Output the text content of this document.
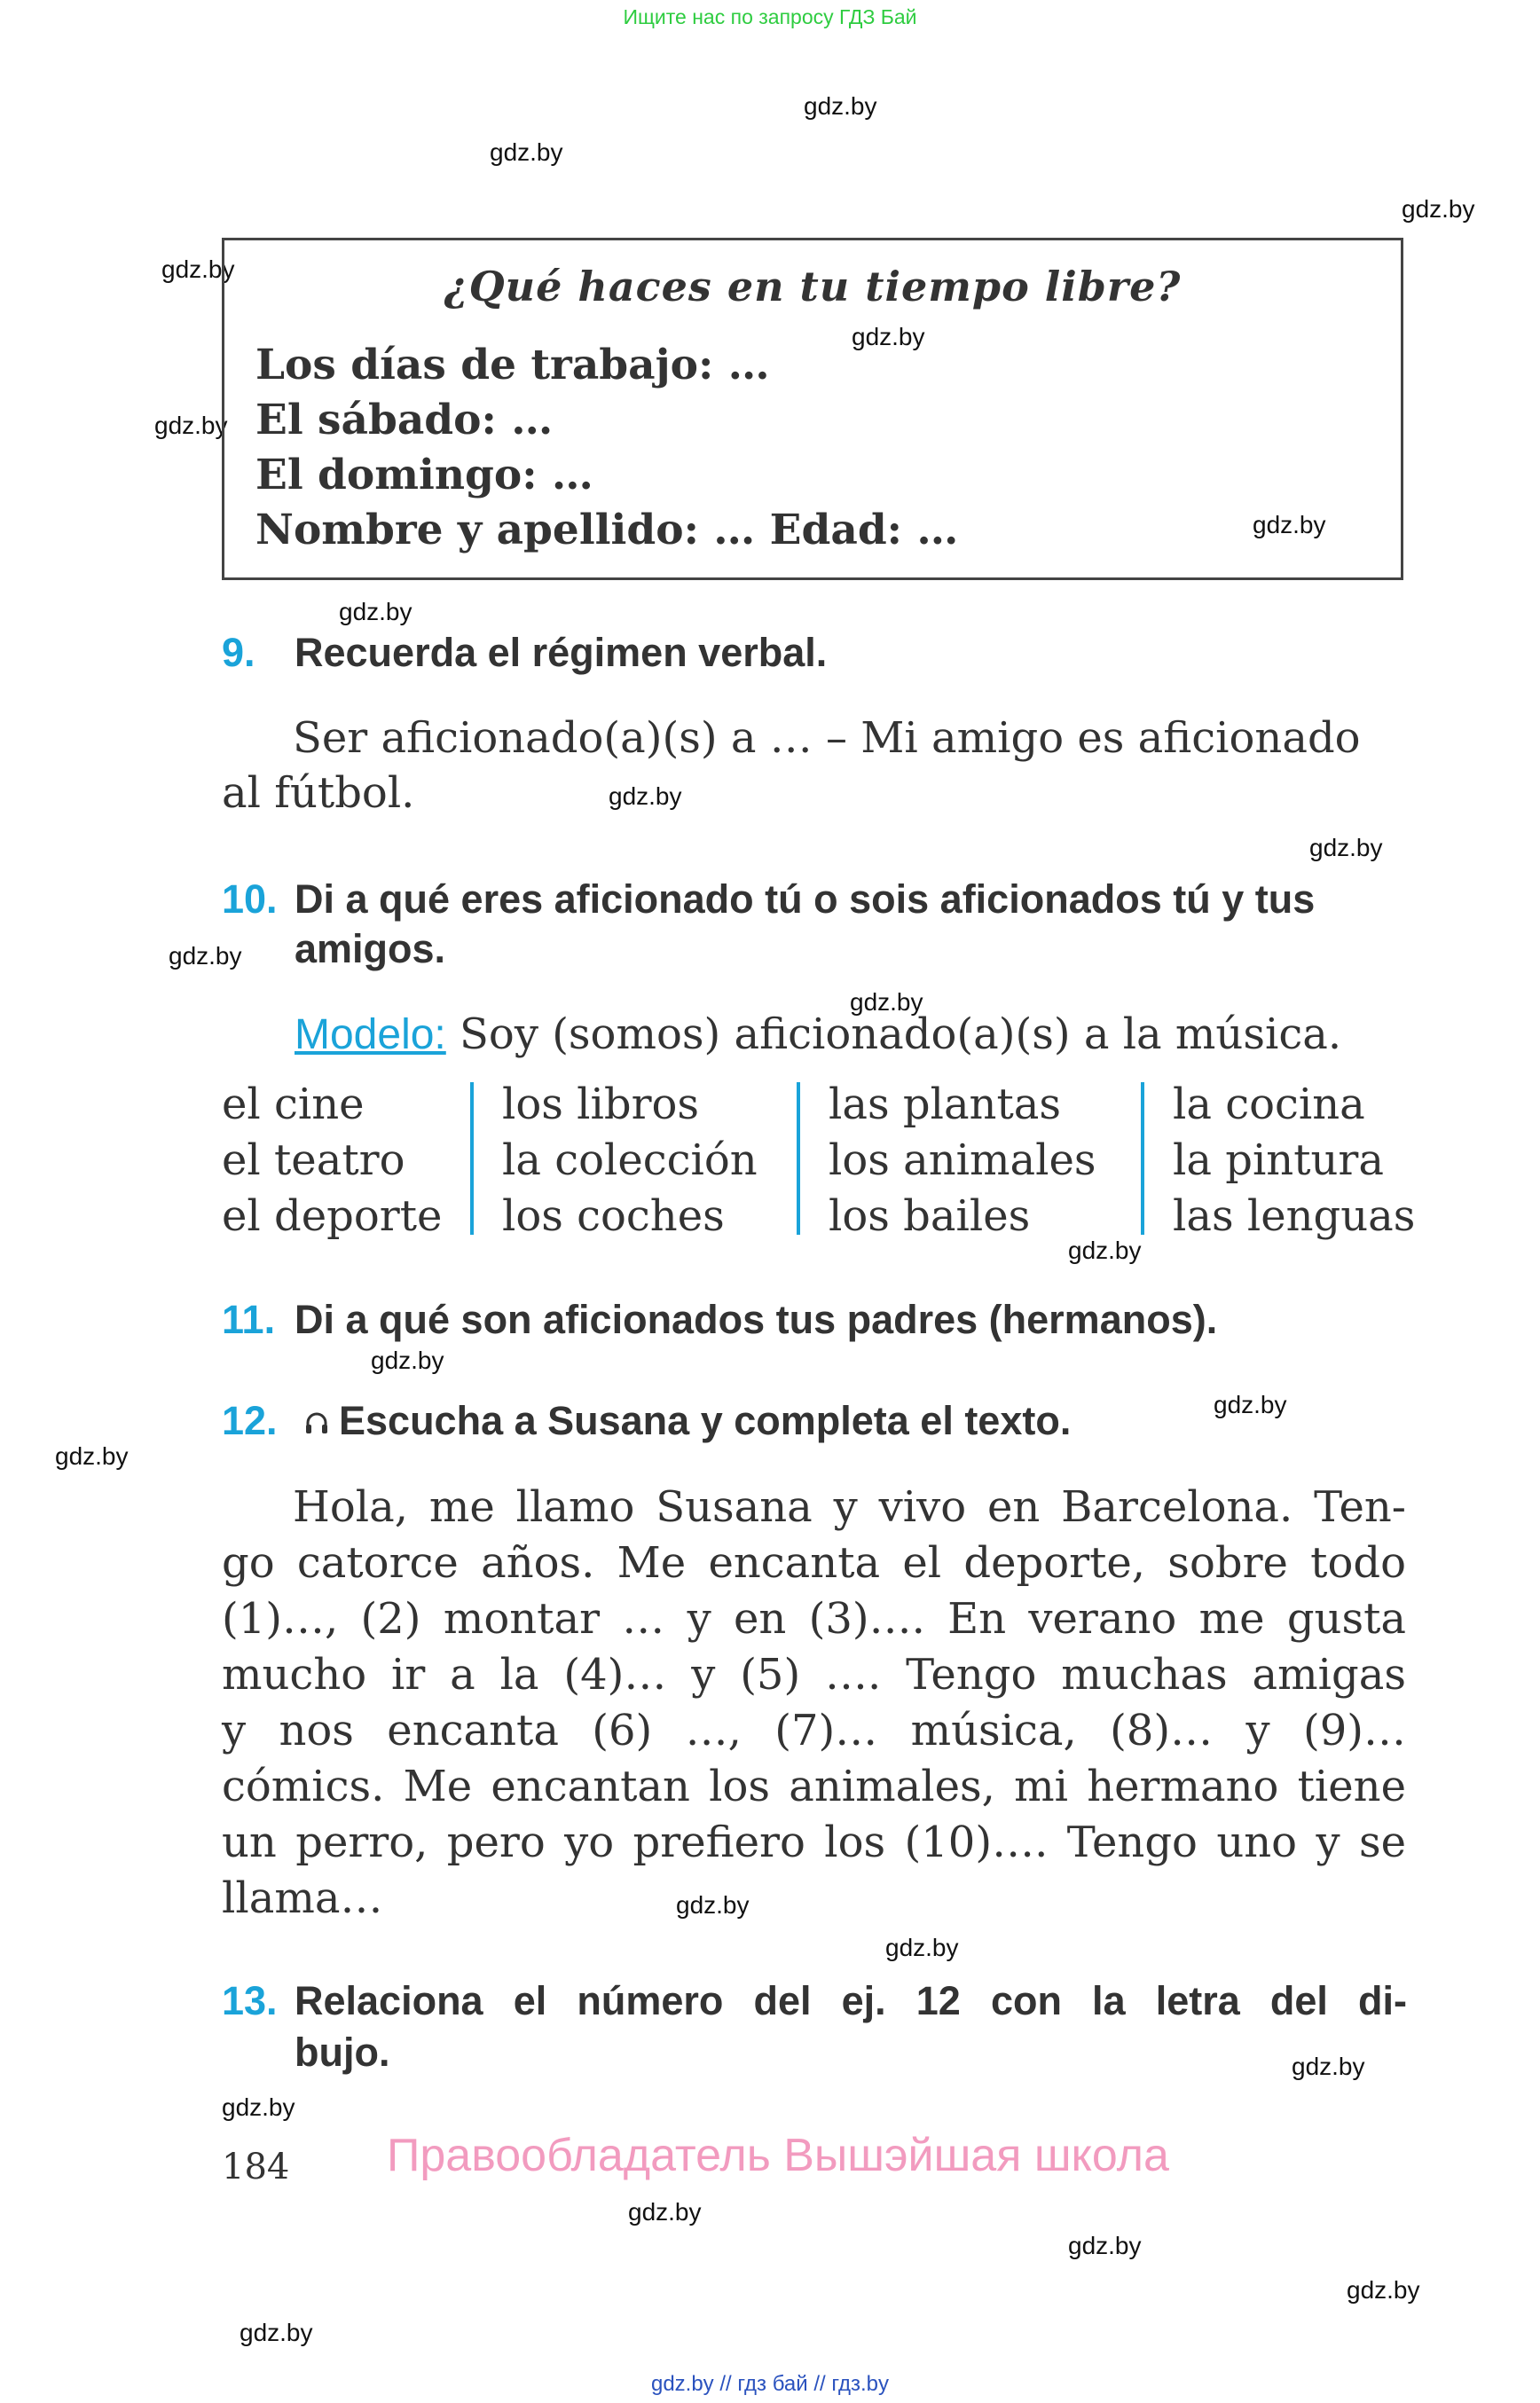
Ищите нас по запросу ГДЗ Бай
gdz.by
gdz.by
gdz.by
gdz.by
gdz.by
gdz.by
gdz.by
gdz.by
gdz.by
gdz.by
gdz.by
gdz.by
gdz.by
gdz.by
gdz.by
gdz.by
gdz.by
gdz.by
gdz.by
gdz.by
gdz.by
gdz.by
gdz.by
gdz.by
¿Qué haces en tu tiempo libre?
Los días de trabajo: …
El sábado: …
El domingo: …
Nombre y apellido: … Edad: …
9. Recuerda el régimen verbal.
Ser aficionado(a)(s) a … – Mi amigo es aficionado
al fútbol.
10. Di a qué eres aficionado tú o sois aficionados tú y tus
amigos.
Modelo: Soy (somos) aficionado(a)(s) a la música.
el cine
el teatro
el deporte
los libros
la colección
los coches
las plantas
los animales
los bailes
la cocina
la pintura
las lenguas
11. Di a qué son aficionados tus padres (hermanos).
12.	Escucha a Susana y completa el texto.
Hola, me llamo Susana y vivo en Barcelona. Ten-
go catorce años. Me encanta el deporte, sobre todo
(1)…, (2) montar … y en (3)…. En verano me gusta
mucho ir a la (4)… y (5) …. Tengo muchas amigas
y nos encanta (6) …, (7)… música, (8)… y (9)…
cómics. Me encantan los animales, mi hermano tiene
un perro, pero yo prefiero los (10)…. Tengo uno y se
llama…
13. Relaciona el número del ej. 12 con la letra del di-
bujo.
184 Правообладатель Вышэйшая школа
gdz.by // гдз бай // гдз.by
